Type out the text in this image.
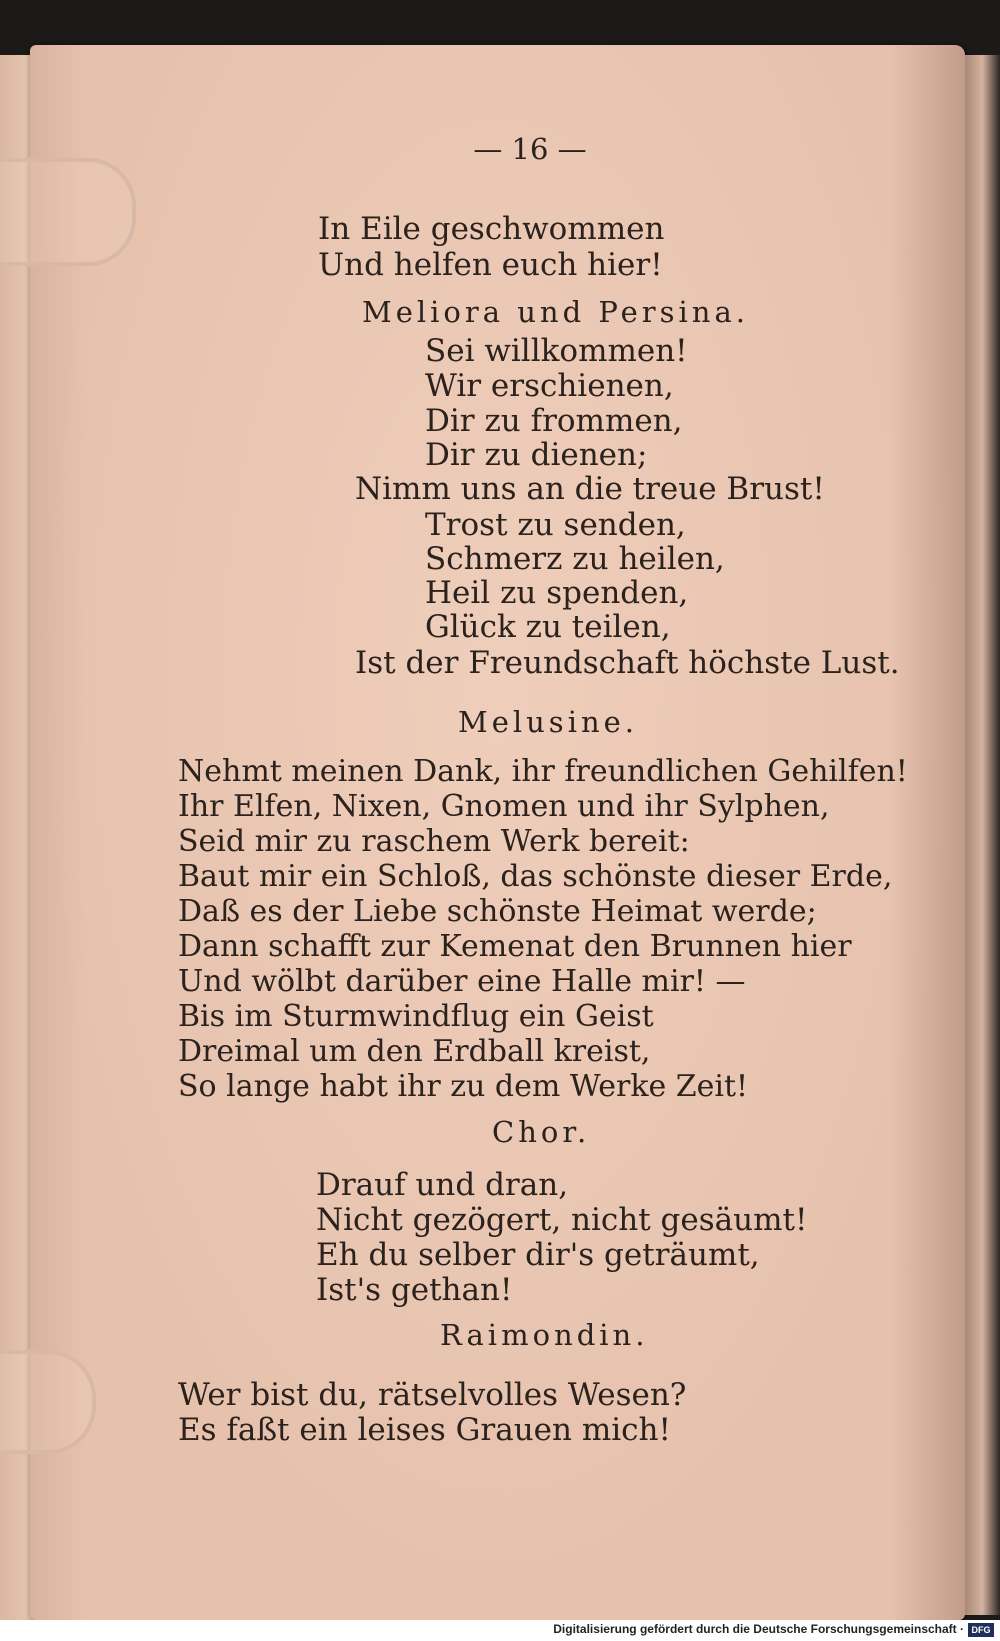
— 16 —
In Eile geschwommen
Und helfen euch hier!
Meliora und Persina.
Sei willkommen!
Wir erschienen,
Dir zu frommen,
Dir zu dienen;
Nimm uns an die treue Brust!
Trost zu senden,
Schmerz zu heilen,
Heil zu spenden,
Glück zu teilen,
Ist der Freundschaft höchste Lust.
Melusine.
Nehmt meinen Dank, ihr freundlichen Gehilfen!
Ihr Elfen, Nixen, Gnomen und ihr Sylphen,
Seid mir zu raschem Werk bereit:
Baut mir ein Schloß, das schönste dieser Erde,
Daß es der Liebe schönste Heimat werde;
Dann schafft zur Kemenat den Brunnen hier
Und wölbt darüber eine Halle mir! —
Bis im Sturmwindflug ein Geist
Dreimal um den Erdball kreist,
So lange habt ihr zu dem Werke Zeit!
Chor.
Drauf und dran,
Nicht gezögert, nicht gesäumt!
Eh du selber dir's geträumt,
Ist's gethan!
Raimondin.
Wer bist du, rätselvolles Wesen?
Es faßt ein leises Grauen mich!
Digitalisierung gefördert durch die Deutsche Forschungsgemeinschaft · DFG
